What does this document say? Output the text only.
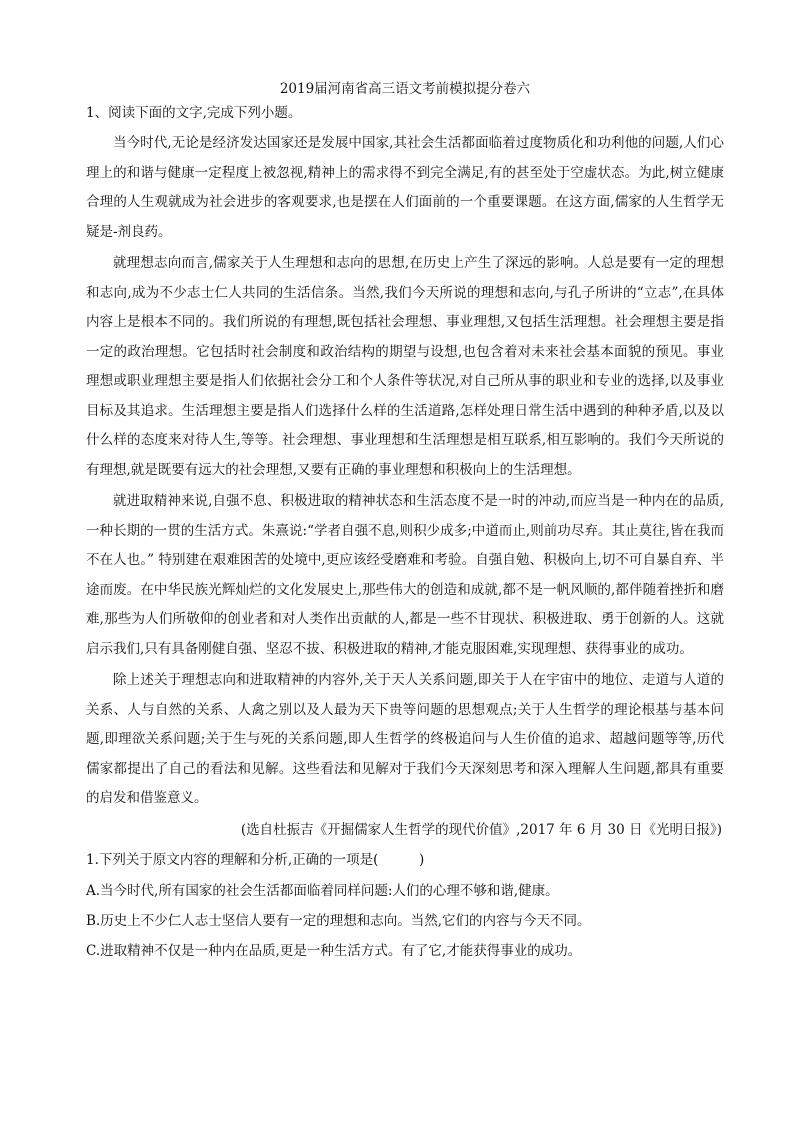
2019届河南省高三语文考前模拟提分卷六
1、阅读下面的文字,完成下列小题。

当今时代,无论是经济发达国家还是发展中国家,其社会生活都面临着过度物质化和功利他的问题,人们心理上的和谐与健康一定程度上被忽视,精神上的需求得不到完全满足,有的甚至处于空虚状态。为此,树立健康合理的人生观就成为社会进步的客观要求,也是摆在人们面前的一个重要课题。在这方面,儒家的人生哲学无疑是-剂良药。

就理想志向而言,儒家关于人生理想和志向的思想,在历史上产生了深远的影响。人总是要有一定的理想和志向,成为不少志士仁人共同的生活信条。当然,我们今天所说的理想和志向,与孔子所讲的“立志”,在具体内容上是根本不同的。我们所说的有理想,既包括社会理想、事业理想,又包括生活理想。社会理想主要是指一定的政治理想。它包括时社会制度和政治结构的期望与设想,也包含着对未来社会基本面貌的预见。事业理想或职业理想主要是指人们依据社会分工和个人条件等状况,对自己所从事的职业和专业的选择,以及事业目标及其追求。生活理想主要是指人们选择什么样的生活道路,怎样处理日常生活中遇到的种种矛盾,以及以什么样的态度来对待人生,等等。社会理想、事业理想和生活理想是相互联系,相互影响的。我们今天所说的有理想,就是既要有远大的社会理想,又要有正确的事业理想和积极向上的生活理想。

就进取精神来说,自强不息、积极进取的精神状态和生活态度不是一时的冲动,而应当是一种内在的品质,一种长期的一贯的生活方式。朱熹说:“学者自强不息,则积少成多;中道而止,则前功尽弃。其止莫往,皆在我而不在人也。” 特别建在艰难困苦的处境中,更应该经受磨难和考验。自强自勉、积极向上,切不可自暴自弃、半途而废。在中华民族光辉灿烂的文化发展史上,那些伟大的创造和成就,都不是一帆风顺的,都伴随着挫折和磨难,那些为人们所敬仰的创业者和对人类作出贡献的人,都是一些不甘现状、积极进取、勇于创新的人。这就启示我们,只有具备刚健自强、坚忍不拔、积极进取的精神,才能克服困难,实现理想、获得事业的成功。

除上述关于理想志向和进取精神的内容外,关于天人关系问题,即关于人在宇宙中的地位、走道与人道的关系、人与自然的关系、人禽之别以及人最为天下贵等问题的思想观点;关于人生哲学的理论根基与基本问题,即理欲关系问题;关于生与死的关系问题,即人生哲学的终极追问与人生价值的追求、超越问题等等,历代儒家都提出了自己的看法和见解。这些看法和见解对于我们今天深刻思考和深入理解人生问题,都具有重要的启发和借鉴意义。

(选自杜振吉《开掘儒家人生哲学的现代价值》,2017 年 6 月 30 日《光明日报》)
1.下列关于原文内容的理解和分析,正确的一项是(　　　)
A.当今时代,所有国家的社会生活都面临着同样问题:人们的心理不够和谐,健康。
B.历史上不少仁人志士坚信人要有一定的理想和志向。当然,它们的内容与今天不同。
C.进取精神不仅是一种内在品质,更是一种生活方式。有了它,才能获得事业的成功。
